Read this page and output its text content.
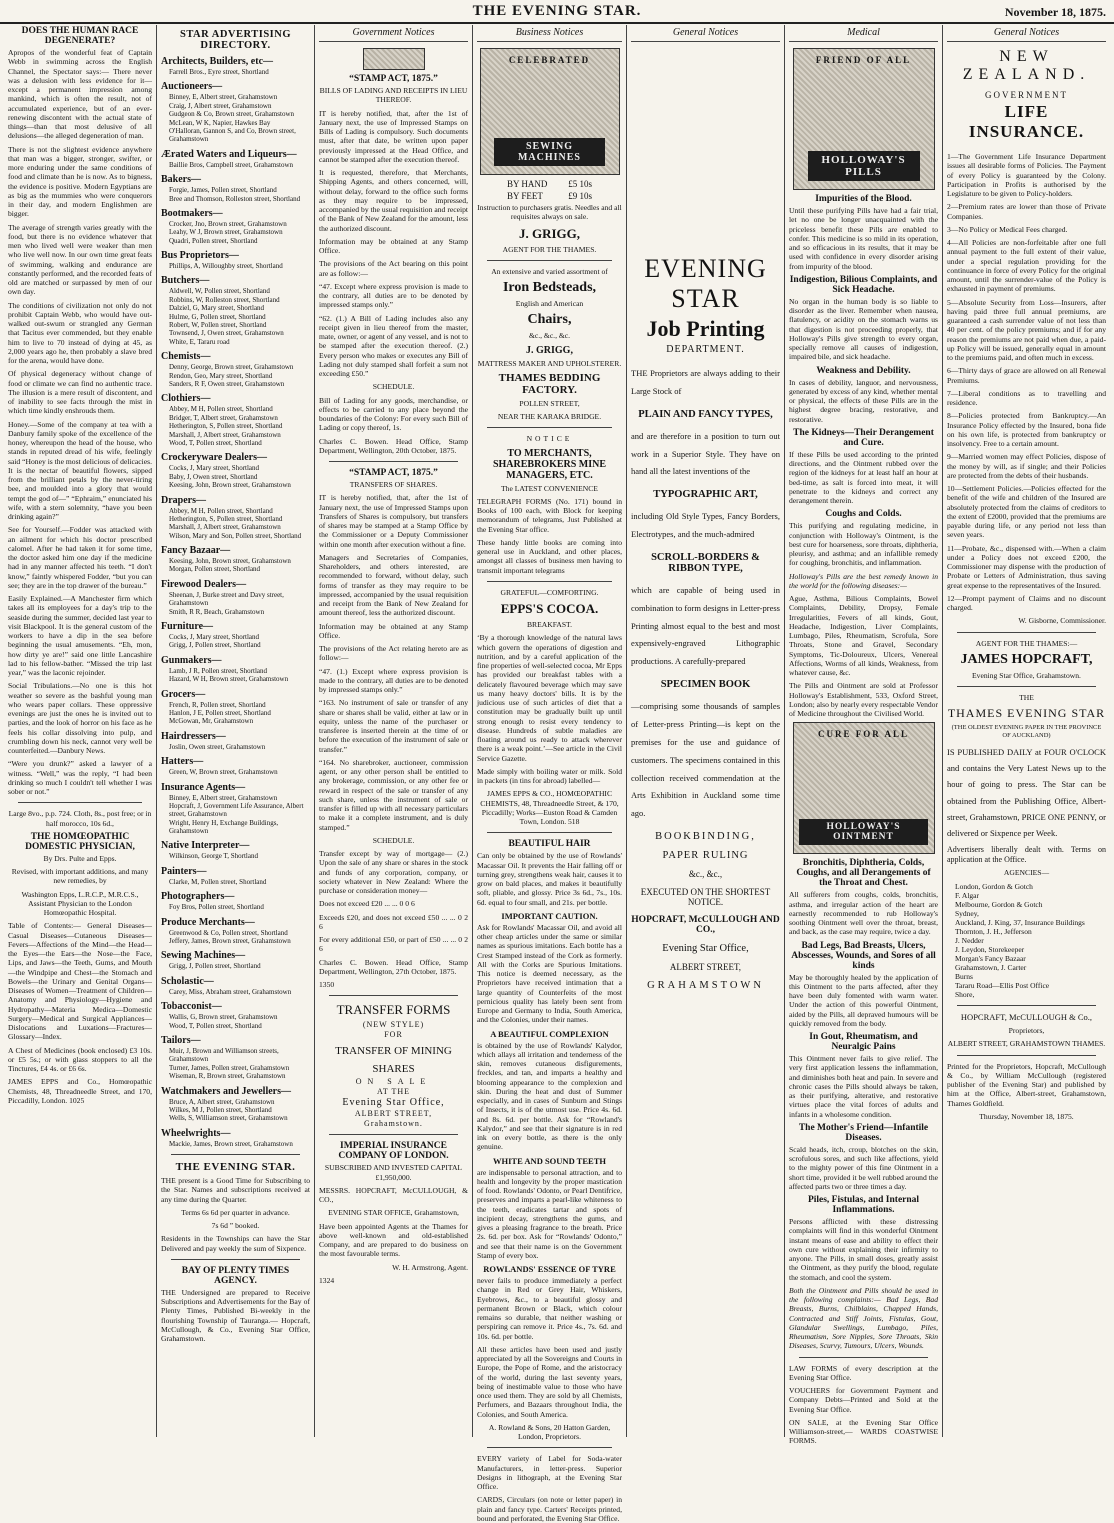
THE EVENING STAR.	November 18, 1875.
DOES THE HUMAN RACE DEGENERATE?

Apropos of the wonderful feat of Captain Webb in swimming across the English Channel, the Spectator says:— There never was a delusion with less evidence for it—except a permanent impression among mankind, which is often the result, not of accumulated experience, but of an ever-renewing discontent with the actual state of things—than that most delusive of all delusions—the alleged degeneration of man.

There is not the slightest evidence anywhere that man was a bigger, stronger, swifter, or more enduring under the same conditions of food and climate than he is now. As to bigness, the evidence is positive. Modern Egyptians are as big as the mummies who were conquerors in their day, and modern Englishmen are bigger.

The average of strength varies greatly with the food, but there is no evidence whatever that men who lived well were weaker than men who live well now. In our own time great feats of swimming, walking and endurance are constantly performed, and the recorded feats of old are matched or surpassed by men of our own day.

The conditions of civilization not only do not prohibit Captain Webb, who would have out-walked out-swum or strangled any German that Tacitus ever commended, but they enable him to live to 70 instead of dying at 45, as 2,000 years ago he, then probably a slave bred for the arena, would have done.

Of physical degeneracy without change of food or climate we can find no authentic trace. The illusion is a mere result of discontent, and of inability to see facts through the mist in which time kindly enshrouds them.

Honey.—Some of the company at tea with a Danbury family spoke of the excellence of the honey, whereupon the head of the house, who stands in reputed dread of his wife, feelingly said “Honey is the most delicious of delicacies. It is the nectar of beautiful flowers, sipped from the brilliant petals by the never-tiring bee, and moulded into a glory that would tempt the god of—” “Ephraim,” enunciated his wife, with a stern solemnity, “have you been drinking again?”

See for Yourself.—Fodder was attacked with an ailment for which his doctor prescribed calomel. After he had taken it for some time, the doctor asked him one day if the medicine had in any manner affected his teeth. “I don't know,” faintly whispered Fodder, “but you can see; they are in the top drawer of the bureau.”

Easily Explained.—A Manchester firm which takes all its employees for a day's trip to the seaside during the summer, decided last year to visit Blackpool. It is the general custom of the workers to have a dip in the sea before beginning the usual amusements. “Eh, mon, how dirty ye are!” said one little Lancashire lad to his fellow-bather. “Missed the trip last year,” was the laconic rejoinder.

Social Tribulations.—No one is this hot weather so severe as the bashful young man who wears paper collars. These oppressive evenings are just the ones he is invited out to parties, and the look of horror on his face as he feels his collar dissolving into pulp, and crumbling down his neck, cannot very well be counterfeited.—Danbury News.

“Were you drunk?” asked a lawyer of a witness. “Well,” was the reply, “I had been drinking so much I couldn't tell whether I was sober or not.”

Large 8vo., p.p. 724. Cloth, 8s., post free; or in half morocco, 10s 6d.,

THE HOMŒOPATHIC DOMESTIC PHYSICIAN,

By Drs. Pulte and Epps.

Revised, with important additions, and many new remedies, by

Washington Epps, L.R.C.P., M.R.C.S., Assistant Physician to the London Homœopathic Hospital.

Table of Contents:— General Diseases—Casual Diseases—Cutaneous Diseases—Fevers—Affections of the Mind—the Head—the Eyes—the Ears—the Nose—the Face, Lips, and Jaws—the Teeth, Gums, and Mouth—the Windpipe and Chest—the Stomach and Bowels—the Urinary and Genital Organs—Diseases of Women—Treatment of Children—Anatomy and Physiology—Hygiene and Hydropathy—Materia Medica—Domestic Surgery—Medical and Surgical Appliances—Dislocations and Luxations—Fractures—Glossary—Index.

A Chest of Medicines (book enclosed) £3 10s. or £5 5s.; or with glass stoppers to all the Tinctures, £4 4s. or £6 6s.

JAMES EPPS and Co., Homœopathic Chemists, 48, Threadneedle Street, and 170, Piccadilly, London. 1025

STAR ADVERTISING DIRECTORY.
Architects, Builders, etc—

Farrell Bros., Eyre street, Shortland

Auctioneers—

Binney, E, Albert street, Grahamstown

Craig, J, Albert street, Grahamstown

Gudgeon & Co, Brown street, Grahamstown

McLean, W K, Napier, Hawkes Bay

O'Halloran, Gannon S, and Co, Brown street, Grahamstown

Ærated Waters and Liqueurs—

Baillie Bros, Campbell street, Grahamstown

Bakers—

Forgie, James, Pollen street, Shortland

Bree and Thomson, Rolleston street, Shortland

Bootmakers—

Crocker, Jno, Brown street, Grahamstown

Leahy, W J, Brown street, Grahamstown

Quadri, Pollen street, Shortland

Bus Proprietors—

Phillips, A, Willoughby street, Shortland

Butchers—

Aldwell, W, Pollen street, Shortland

Robbins, W, Rolleston street, Shortland

Dalziel, G, Mary street, Shortland

Hulme, G, Pollen street, Shortland

Robert, W, Pollen street, Shortland

Townsend, J, Owen street, Grahamstown

White, E, Tararu road

Chemists—

Denny, George, Brown street, Grahamstown

Rendon, Geo, Mary street, Shortland

Sanders, R F, Owen street, Grahamstown

Clothiers—

Abbey, M H, Pollen street, Shortland

Bridger, T, Albert street, Grahamstown

Hetherington, S, Pollen street, Shortland

Marshall, J, Albert street, Grahamstown

Wood, T, Pollen street, Shortland

Crockeryware Dealers—

Cocks, J, Mary street, Shortland

Baby, J, Owen street, Shortland

Keesing, John, Brown street, Grahamstown

Drapers—

Abbey, M H, Pollen street, Shortland

Hetherington, S, Pollen street, Shortland

Marshall, J, Albert street, Grahamstown

Wilson, Mary and Son, Pollen street, Shortland

Fancy Bazaar—

Keesing, John, Brown street, Grahamstown

Morgan, Pollen street, Shortland

Firewood Dealers—

Sheenan, J, Burke street and Davy street, Grahamstown

Smith, R R, Beach, Grahamstown

Furniture—

Cocks, J, Mary street, Shortland

Grigg, J, Pollen street, Shortland

Gunmakers—

Lamb, J R, Pollen street, Shortland

Hazard, W H, Brown street, Grahamstown

Grocers—

French, R, Pollen street, Shortland

Hanlon, J E, Pollen street, Shortland

McGowan, Mr, Grahamstown

Hairdressers—

Joslin, Owen street, Grahamstown

Hatters—

Green, W, Brown street, Grahamstown

Insurance Agents—

Binney, E, Albert street, Grahamstown

Hopcraft, J, Government Life Assurance, Albert street, Grahamstown

Wright, Henry H, Exchange Buildings, Grahamstown

Native Interpreter—

Wilkinson, George T, Shortland

Painters—

Clarke, M, Pollen street, Shortland

Photographers—

Foy Bros, Pollen street, Shortland

Produce Merchants—

Greenwood & Co, Pollen street, Shortland

Jeffery, James, Brown street, Grahamstown

Sewing Machines—

Grigg, J, Pollen street, Shortland

Scholastic—

Carey, Miss, Abraham street, Grahamstown

Tobacconist—

Wallis, G, Brown street, Grahamstown

Wood, T, Pollen street, Shortland

Tailors—

Muir, J, Brown and Williamson streets, Grahamstown

Turner, James, Pollen street, Grahamstown

Wiseman, R, Brown street, Grahamstown

Watchmakers and Jewellers—

Bruce, A, Albert street, Grahamstown

Wilkes, M J, Pollen street, Shortland

Wells, S, Williamson street, Grahamstown

Wheelwrights—

Mackie, James, Brown street, Grahamstown

THE EVENING STAR.

THE present is a Good Time for Subscribing to the Star. Names and subscriptions received at any time during the Quarter.

Terms 6s 6d per quarter in advance.

7s 6d ” booked.

Residents in the Townships can have the Star Delivered and pay weekly the sum of Sixpence.

BAY OF PLENTY TIMES AGENCY.

THE Undersigned are prepared to Receive Subscriptions and Advertisements for the Bay of Plenty Times, Published Bi-weekly in the flourishing Township of Tauranga.— Hopcraft, McCullough, & Co., Evening Star Office, Grahamstown.

Government Notices
“STAMP ACT, 1875.”

BILLS OF LADING AND RECEIPTS IN LIEU THEREOF.

IT is hereby notified, that, after the 1st of January next, the use of Impressed Stamps on Bills of Lading is compulsory. Such documents must, after that date, be written upon paper previously impressed at the Head Office, and cannot be stamped after the execution thereof.

It is requested, therefore, that Merchants, Shipping Agents, and others concerned, will, without delay, forward to the office such forms as they may require to be impressed, accompanied by the usual requisition and receipt of the Bank of New Zealand for the amount, less the authorized discount.

Information may be obtained at any Stamp Office.

The provisions of the Act bearing on this point are as follow:—

“47. Except where express provision is made to the contrary, all duties are to be denoted by impressed stamps only.”

“62. (1.) A Bill of Lading includes also any receipt given in lieu thereof from the master, mate, owner, or agent of any vessel, and is not to be stamped after the execution thereof. (2.) Every person who makes or executes any Bill of Lading not duly stamped shall forfeit a sum not exceeding £50.”

SCHEDULE.

Bill of Lading for any goods, merchandise, or effects to be carried to any place beyond the boundaries of the Colony: For every such Bill of Lading or copy thereof, 1s.

Charles C. Bowen. Head Office, Stamp Department, Wellington, 20th October, 1875.

“STAMP ACT, 1875.”

TRANSFERS OF SHARES.

IT is hereby notified, that, after the 1st of January next, the use of Impressed Stamps upon Transfers of Shares is compulsory, but transfers of shares may be stamped at a Stamp Office by the Commissioner or a Deputy Commissioner within one month after execution without a fine.

Managers and Secretaries of Companies, Shareholders, and others interested, are recommended to forward, without delay, such forms of transfer as they may require to be impressed, accompanied by the usual requisition and receipt from the Bank of New Zealand for amount thereof, less the authorized discount.

Information may be obtained at any Stamp Office.

The provisions of the Act relating hereto are as follow:—

“47. (1.) Except where express provision is made to the contrary, all duties are to be denoted by impressed stamps only.”

“163. No instrument of sale or transfer of any share or shares shall be valid, either at law or in equity, unless the name of the purchaser or transferee is inserted therein at the time of or before the execution of the instrument of sale or transfer.”

“164. No sharebroker, auctioneer, commission agent, or any other person shall be entitled to any brokerage, commission, or any other fee or reward in respect of the sale or transfer of any such share, unless the instrument of sale or transfer is filled up with all necessary particulars to make it a complete instrument, and is duly stamped.”

SCHEDULE.

Transfer except by way of mortgage— (2.) Upon the sale of any share or shares in the stock and funds of any corporation, company, or society whatever in New Zealand: Where the purchase or consideration money—

Does not exceed £20 ... ... 0 0 6

Exceeds £20, and does not exceed £50 ... ... 0 2 6

For every additional £50, or part of £50 ... ... 0 2 6

Charles C. Bowen. Head Office, Stamp Department, Wellington, 27th October, 1875.

1350

TRANSFER FORMS
(NEW STYLE)
FOR
TRANSFER OF MINING
SHARES
ON SALE
AT THE
Evening Star Office,
ALBERT STREET,
Grahamstown.
IMPERIAL INSURANCE COMPANY OF LONDON.

SUBSCRIBED AND INVESTED CAPITAL £1,950,000.

MESSRS. HOPCRAFT, McCULLOUGH, & CO.,

EVENING STAR OFFICE, Grahamstown,

Have been appointed Agents at the Thames for above well-known and old-established Company, and are prepared to do business on the most favourable terms.

W. H. Armstrong, Agent.

1324

Business Notices
CELEBRATED
SEWING MACHINES
BY HAND £5 10s
BY FEET	£9 10s

Instruction to purchasers gratis. Needles and all requisites always on sale.

J. GRIGG,

AGENT FOR THE THAMES.

An extensive and varied assortment of

Iron Bedsteads,

English and American

Chairs,

&c., &c., &c.

J. GRIGG,

MATTRESS MAKER AND UPHOLSTERER.

THAMES BEDDING FACTORY.

POLLEN STREET,

NEAR THE KARAKA BRIDGE.

NOTICE

TO MERCHANTS, SHAREBROKERS MINE MANAGERS, ETC.

The LATEST CONVENIENCE

TELEGRAPH FORMS (No. 171) bound in Books of 100 each, with Block for keeping memorandum of telegrams, Just Published at the Evening Star office.

These handy little books are coming into general use in Auckland, and other places, amongst all classes of business men having to transmit important telegrams

GRATEFUL—COMFORTING.

EPPS'S COCOA.

BREAKFAST.

‘By a thorough knowledge of the natural laws which govern the operations of digestion and nutrition, and by a careful application of the fine properties of well-selected cocoa, Mr Epps has provided our breakfast tables with a delicately flavoured beverage which may save us many heavy doctors' bills. It is by the judicious use of such articles of diet that a constitution may be gradually built up until strong enough to resist every tendency to disease. Hundreds of subtle maladies are floating around us ready to attack wherever there is a weak point.’—See article in the Civil Service Gazette.

Made simply with boiling water or milk. Sold in packets (in tins for abroad) labelled—

JAMES EPPS & CO., HOMŒOPATHIC CHEMISTS, 48, Threadneedle Street, & 170, Piccadilly; Works—Euston Road & Camden Town, London. 518

BEAUTIFUL HAIR

Can only be obtained by the use of Rowlands' Macassar Oil. It prevents the Hair falling off or turning grey, strengthens weak hair, causes it to grow on bald places, and makes it beautifully soft, pliable, and glossy. Price 3s 6d., 7s., 10s. 6d. equal to four small, and 21s. per bottle.

IMPORTANT CAUTION.

Ask for Rowlands' Macassar Oil, and avoid all other cheap articles under the same or similar names as spurious imitations. Each bottle has a Crest Stamped instead of the Cork as formerly. All with the Corks are Spurious Imitations. This notice is deemed necessary, as the Proprietors have received intimation that a large quantity of Counterfeits of the most pernicious quality has lately been sent from Europe and Germany to India, South America, and the Colonies, under their names.

A BEAUTIFUL COMPLEXION

is obtained by the use of Rowlands' Kalydor, which allays all irritation and tenderness of the skin, removes cutaneous disfigurements, freckles, and tan, and imparts a healthy and blooming appearance to the complexion and skin. During the heat and dust of Summer especially, and in cases of Sunburn and Stings of Insects, it is of the utmost use. Price 4s. 6d. and 8s. 6d. per bottle. Ask for “Rowland's Kalydor,” and see that their signature is in red ink on every bottle, as there is the only genuine.

WHITE AND SOUND TEETH

are indispensable to personal attraction, and to health and longevity by the proper mastication of food. Rowlands' Odonto, or Pearl Dentifrice, preserves and imparts a pearl-like whiteness to the teeth, eradicates tartar and spots of incipient decay, strengthens the gums, and gives a pleasing fragrance to the breath. Price 2s. 6d. per box. Ask for “Rowlands' Odonto,” and see that their name is on the Government Stamp of every box.

ROWLANDS' ESSENCE OF TYRE

never fails to produce immediately a perfect change in Red or Grey Hair, Whiskers, Eyebrows, &c., to a beautiful glossy and permanent Brown or Black, which colour remains so durable, that neither washing or perspiring can remove it. Price 4s., 7s. 6d. and 10s. 6d. per bottle.

All these articles have been used and justly appreciated by all the Sovereigns and Courts in Europe, the Pope of Rome, and the aristocracy of the world, during the last seventy years, being of inestimable value to those who have once used them. They are sold by all Chemists, Perfumers, and Bazaars throughout India, the Colonies, and South America.

A. Rowland & Sons, 20 Hatton Garden, London, Proprietors.

EVERY variety of Label for Soda-water Manufacturers, in letter-press. Superior Designs in lithograph, at the Evening Star Office.

CARDS, Circulars (on note or letter paper) in plain and fancy type. Carters' Receipts printed, bound and perforated, the Evening Star Office.

General Notices
EVENING STAR
Job Printing
DEPARTMENT.

THE Proprietors are always adding to their Large Stock of

PLAIN AND FANCY TYPES,

and are therefore in a position to turn out work in a Superior Style. They have on hand all the latest inventions of the

TYPOGRAPHIC ART,

including Old Style Types, Fancy Borders, Electrotypes, and the much-admired

SCROLL-BORDERS & RIBBON TYPE,

which are capable of being used in combination to form designs in Letter-press Printing almost equal to the best and most expensively-engraved Lithographic productions. A carefully-prepared

SPECIMEN BOOK

—comprising some thousands of samples of Letter-press Printing—is kept on the premises for the use and guidance of customers. The specimens contained in this collection received commendation at the Arts Exhibition in Auckland some time ago.

BOOKBINDING,
PAPER RULING
&c., &c.,
EXECUTED ON THE SHORTEST NOTICE.
HOPCRAFT, McCULLOUGH AND CO.,
Evening Star Office,
ALBERT STREET,
GRAHAMSTOWN
Medical
FRIEND OF ALL
HOLLOWAY'S PILLS
Impurities of the Blood.

Until these purifying Pills have had a fair trial, let no one be longer unacquainted with the priceless benefit these Pills are enabled to confer. This medicine is so mild in its operation, and so efficacious in its results, that it may be used with confidence in every disorder arising from impurity of the blood.

Indigestion, Bilious Complaints, and Sick Headache.

No organ in the human body is so liable to disorder as the liver. Remember when nausea, flatulency, or acidity on the stomach warns us that digestion is not proceeding properly, that Holloway's Pills give strength to every organ, specially remove all causes of indigestion, impaired bile, and sick headache.

Weakness and Debility.

In cases of debility, languor, and nervousness, generated by excess of any kind, whether mental or physical, the effects of these Pills are in the highest degree bracing, restorative, and restorative.

The Kidneys—Their Derangement and Cure.

If these Pills be used according to the printed directions, and the Ointment rubbed over the region of the kidneys for at least half an hour at bed-time, as salt is forced into meat, it will penetrate to the kidneys and correct any derangement therein.

Coughs and Colds.

This purifying and regulating medicine, in conjunction with Holloway's Ointment, is the best cure for hoarseness, sore throats, diphtheria, pleurisy, and asthma; and an infallible remedy for coughing, bronchitis, and inflammation.

Holloway's Pills are the best remedy known in the world for the following diseases:—

Ague, Asthma, Bilious Complaints, Bowel Complaints, Debility, Dropsy, Female Irregularities, Fevers of all kinds, Gout, Headache, Indigestion, Liver Complaints, Lumbago, Piles, Rheumatism, Scrofula, Sore Throats, Stone and Gravel, Secondary Symptoms, Tic-Doloureux, Ulcers, Venereal Affections, Worms of all kinds, Weakness, from whatever cause, &c.

The Pills and Ointment are sold at Professor Holloway's Establishment, 533, Oxford Street, London; also by nearly every respectable Vendor of Medicine throughout the Civilised World.

CURE FOR ALL
HOLLOWAY'S OINTMENT
Bronchitis, Diphtheria, Colds, Coughs, and all Derangements of the Throat and Chest.

All sufferers from coughs, colds, bronchitis, asthma, and irregular action of the heart are earnestly recommended to rub Holloway's soothing Ointment well over the throat, breast, and back, as the case may require, twice a day.

Bad Legs, Bad Breasts, Ulcers, Abscesses, Wounds, and Sores of all kinds

May be thoroughly healed by the application of this Ointment to the parts affected, after they have been duly fomented with warm water. Under the action of this powerful Ointment, aided by the Pills, all depraved humours will be quickly removed from the body.

In Gout, Rheumatism, and Neuralgic Pains

This Ointment never fails to give relief. The very first application lessens the inflammation, and diminishes both heat and pain. In severe and chronic cases the Pills should always be taken, as their purifying, alterative, and restorative virtues place the vital forces of adults and infants in a wholesome condition.

The Mother's Friend—Infantile Diseases.

Scald heads, itch, croup, blotches on the skin, scrofulous sores, and such like affections, yield to the mighty power of this fine Ointment in a short time, provided it be well rubbed around the affected parts two or three times a day.

Piles, Fistulas, and Internal Inflammations.

Persons afflicted with these distressing complaints will find in this wonderful Ointment instant means of ease and ability to effect their own cure without explaining their infirmity to anyone. The Pills, in small doses, greatly assist the Ointment, as they purify the blood, regulate the stomach, and cool the system.

Both the Ointment and Pills should be used in the following complaints:— Bad Legs, Bad Breasts, Burns, Chilblains, Chapped Hands, Contracted and Stiff Joints, Fistulas, Gout, Glandular Swellings, Lumbago, Piles, Rheumatism, Sore Nipples, Sore Throats, Skin Diseases, Scurvy, Tumours, Ulcers, Wounds.

LAW FORMS of every description at the Evening Star Office.

VOUCHERS for Government Payment and Company Debts—Printed and Sold at the Evening Star Office.

ON SALE, at the Evening Star Office Williamson-street,— WARDS COASTWISE FORMS.

General Notices
NEW ZEALAND.
GOVERNMENT
LIFE INSURANCE.

1—The Government Life Insurance Department issues all desirable forms of Policies. The Payment of every Policy is guaranteed by the Colony. Participation in Profits is authorised by the Legislature to be given to Policy-holders.

2—Premium rates are lower than those of Private Companies.

3—No Policy or Medical Fees charged.

4—All Policies are non-forfeitable after one full annual payment to the full extent of their value, under a special regulation providing for the continuance in force of every Policy for the original amount, until the surrender-value of the Policy is exhausted in payment of premiums.

5—Absolute Security from Loss—Insurers, after having paid three full annual premiums, are guaranteed a cash surrender value of not less than 40 per cent. of the policy premiums; and if for any reason the premiums are not paid when due, a paid-up Policy will be issued, generally equal in amount to the premiums paid, and often much in excess.

6—Thirty days of grace are allowed on all Renewal Premiums.

7—Liberal conditions as to travelling and residence.

8—Policies protected from Bankruptcy.—An Insurance Policy effected by the Insured, bona fide on his own life, is protected from bankruptcy or insolvency. Free to a certain amount.

9—Married women may effect Policies, dispose of the money by will, as if single; and their Policies are protected from the debts of their husbands.

10—Settlement Policies.—Policies effected for the benefit of the wife and children of the Insured are absolutely protected from the claims of creditors to the extent of £2000, provided that the premiums are payable during life, or any period not less than seven years.

11—Probate, &c., dispensed with.—When a claim under a Policy does not exceed £200, the Commissioner may dispense with the production of Probate or Letters of Administration, thus saving great expense to the representatives of the Insured.

12—Prompt payment of Claims and no discount charged.

W. Gisborne, Commissioner.

AGENT FOR THE THAMES:—

JAMES HOPCRAFT,

Evening Star Office, Grahamstown.

THE

THAMES EVENING STAR

(THE OLDEST EVENING PAPER IN THE PROVINCE OF AUCKLAND)

IS PUBLISHED DAILY at FOUR O'CLOCK and contains the Very Latest News up to the hour of going to press. The Star can be obtained from the Publishing Office, Albert-street, Grahamstown, PRICE ONE PENNY, or delivered or Sixpence per Week.

Advertisers liberally dealt with. Terms on application at the Office.

AGENCIES—

London, Gordon & Gotch

F. Algar

Melbourne, Gordon & Gotch

Sydney,

Auckland, J. King, 37, Insurance Buildings

Thornton, J. H., Jefferson

J. Nedder

J. Leydon, Storekeeper

Morgan's Fancy Bazaar

Grahamstown, J. Carter

Burns

Tararu Road—Ellis Post Office

Shore,

HOPCRAFT, McCULLOUGH & Co.,

Proprietors,

ALBERT STREET, GRAHAMSTOWN THAMES.

Printed for the Proprietors, Hopcraft, McCullough & Co., by William McCullough (registered publisher of the Evening Star) and published by him at the Office, Albert-street, Grahamstown, Thames Goldfield.

Thursday, November 18, 1875.
